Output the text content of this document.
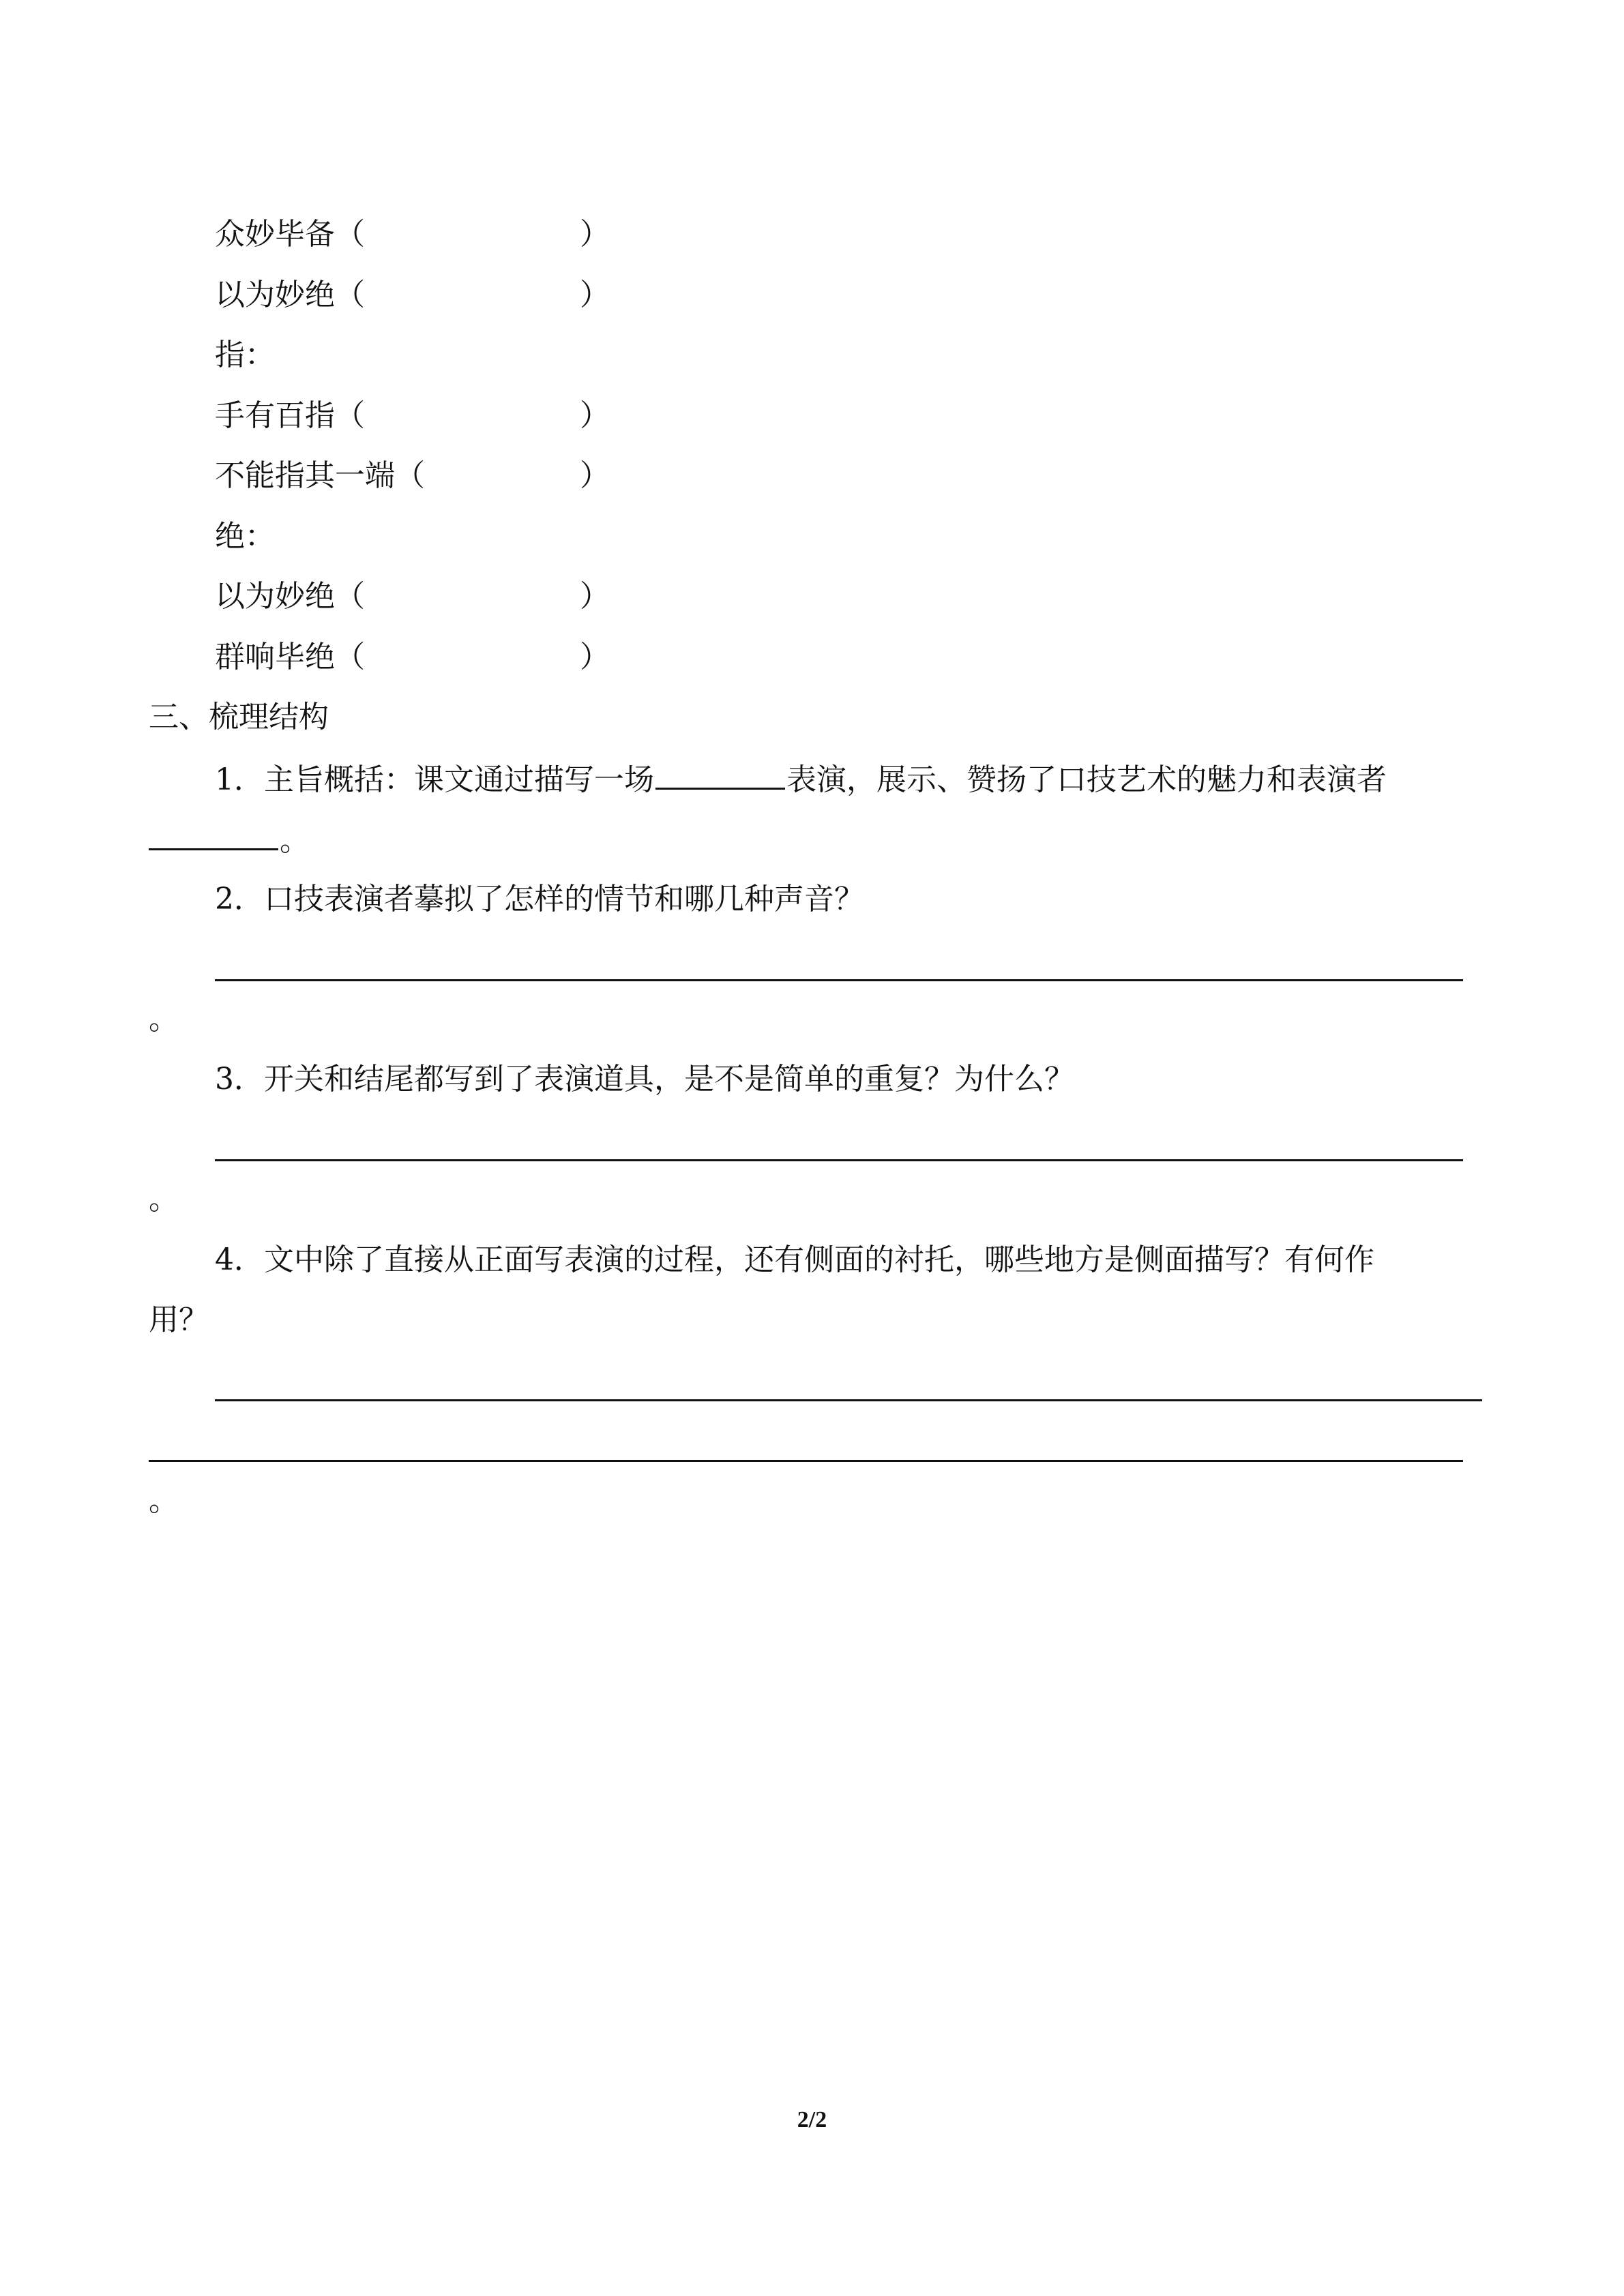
众妙毕备（	）
以为妙绝（	）
指：
手有百指（	）
不能指其一端（	）
绝：
以为妙绝（	）
群响毕绝（	）
三、梳理结构
1．主旨概括：课文通过描写一场	表演，展示、赞扬了口技艺术的魅力和表演者
。
2．口技表演者摹拟了怎样的情节和哪几种声音？
。
3．开关和结尾都写到了表演道具，是不是简单的重复？为什么？
。
4．文中除了直接从正面写表演的过程，还有侧面的衬托，哪些地方是侧面描写？有何作
用？
。
2/2
